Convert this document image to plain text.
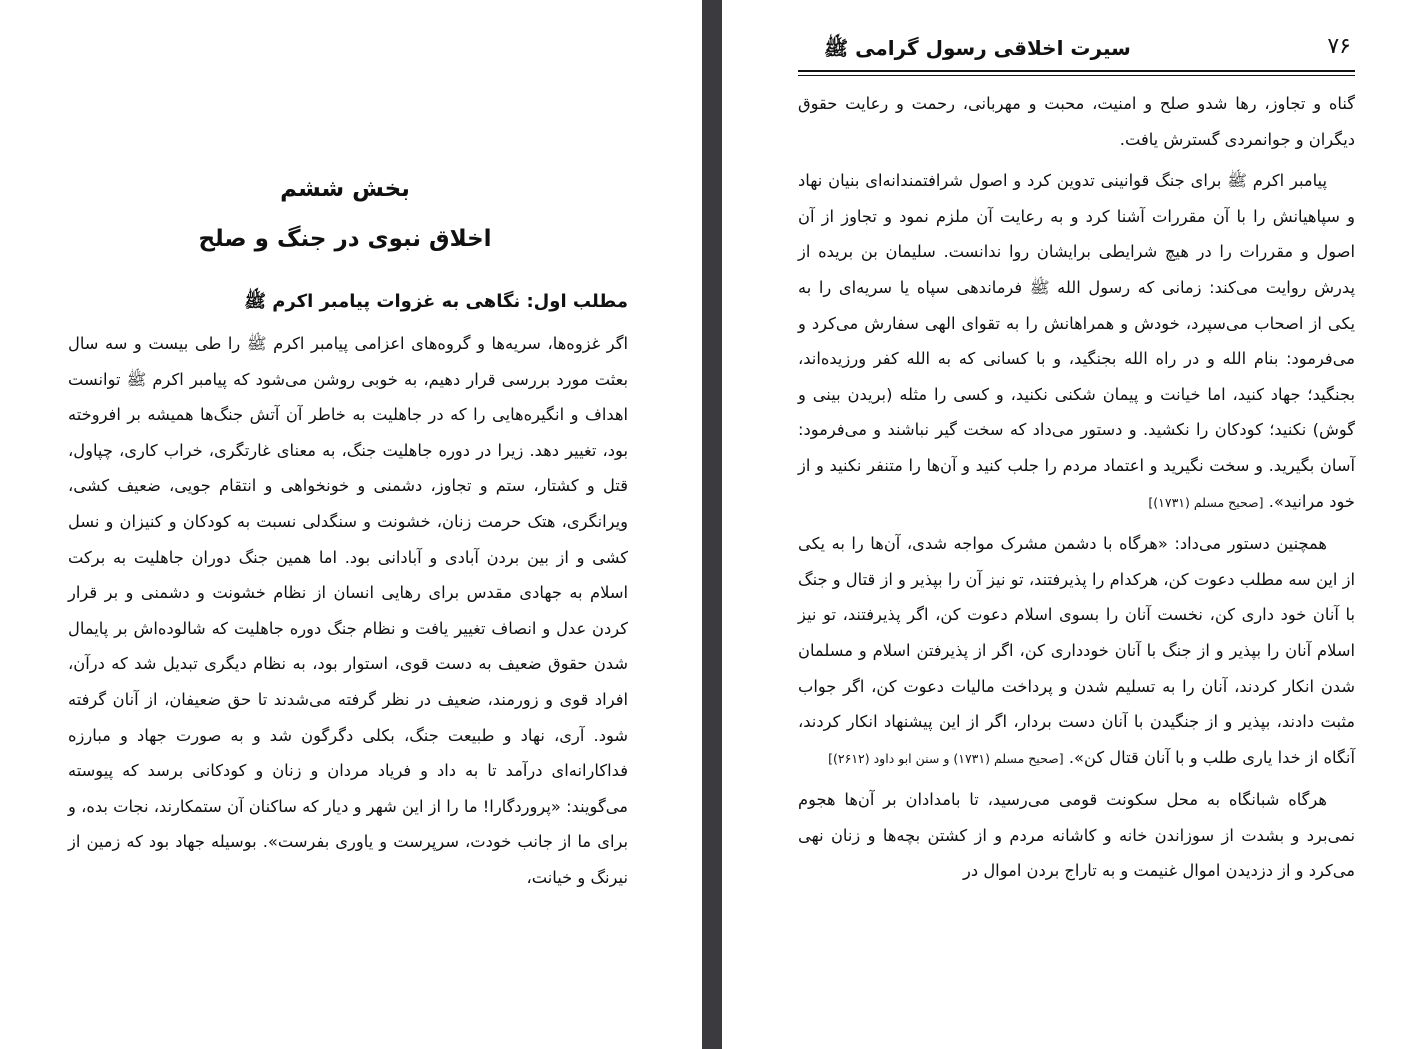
بخش ششم
اخلاق نبوی در جنگ و صلح
مطلب اول: نگاهی به غزوات پیامبر اکرم ﷺ

اگر غزوه‌ها، سریه‌ها و گروه‌های اعزامی پیامبر اکرم ﷺ را طی بیست و سه سال بعثت مورد بررسی قرار دهیم، به خوبی روشن می‌شود که پیامبر اکرم ﷺ توانست اهداف و انگیره‌هایی را که در جاهلیت به خاطر آن آتش جنگ‌ها همیشه بر افروخته بود، تغییر دهد. زیرا در دوره جاهلیت جنگ، به معنای غارتگری، خراب کاری، چپاول، قتل و کشتار، ستم و تجاوز، دشمنی و خونخواهی و انتقام جویی، ضعیف کشی، ویرانگری، هتک حرمت زنان، خشونت و سنگدلی نسبت به کودکان و کنیزان و نسل کشی و از بین بردن آبادی و آبادانی بود. اما همین جنگ دوران جاهلیت به برکت اسلام به جهادی مقدس برای رهایی انسان از نظام خشونت و دشمنی و بر قرار کردن عدل و انصاف تغییر یافت و نظام جنگ دوره جاهلیت که شالوده‌اش بر پایمال شدن حقوق ضعیف به دست قوی، استوار بود، به نظام دیگری تبدیل شد که درآن، افراد قوی و زورمند، ضعیف در نظر گرفته می‌شدند تا حق ضعیفان، از آنان گرفته شود. آری، نهاد و طبیعت جنگ، بکلی دگرگون شد و به صورت جهاد و مبارزه فداکارانه‌ای درآمد تا به داد و فریاد مردان و زنان و کودکانی برسد که پیوسته می‌گویند: «پروردگارا! ما را از این شهر و دیار که ساکنان آن ستمکارند، نجات بده، و برای ما از جانب خودت، سرپرست و یاوری بفرست». بوسیله جهاد بود که زمین از نیرنگ و خیانت،

۷۶
سیرت اخلاقی رسول گرامی ﷺ

گناه و تجاوز، رها شدو صلح و امنیت، محبت و مهربانی، رحمت و رعایت حقوق دیگران و جوانمردی گسترش یافت.

پیامبر اکرم ﷺ برای جنگ قوانینی تدوین کرد و اصول شرافتمندانه‌ای بنیان نهاد و سپاهیانش را با آن مقررات آشنا کرد و به رعایت آن ملزم نمود و تجاوز از آن اصول و مقررات را در هیچ شرایطی برایشان روا ندانست. سلیمان بن بریده از پدرش روایت می‌کند: زمانی که رسول الله ﷺ فرماندهی سپاه یا سریه‌ای را به یکی از اصحاب می‌سپرد، خودش و همراهانش را به تقوای الهی سفارش می‌کرد و می‌فرمود: بنام الله و در راه الله بجنگید، و با کسانی که به الله کفر ورزیده‌اند، بجنگید؛ جهاد کنید، اما خیانت و پیمان شکنی نکنید، و کسی را مثله (بریدن بینی و گوش) نکنید؛ کودکان را نکشید. و دستور می‌داد که سخت گیر نباشند و می‌فرمود: آسان بگیرید. و سخت نگیرید و اعتماد مردم را جلب کنید و آن‌ها را متنفر نکنید و از خود مرانید». [صحیح مسلم (۱۷۳۱)]

همچنین دستور می‌داد: «هرگاه با دشمن مشرک مواجه شدی، آن‌ها را به یکی از این سه مطلب دعوت کن، هرکدام را پذیرفتند، تو نیز آن را بپذیر و از قتال و جنگ با آنان خود داری کن، نخست آنان را بسوی اسلام دعوت کن، اگر پذیرفتند، تو نیز اسلام آنان را بپذیر و از جنگ با آنان خودداری کن، اگر از پذیرفتن اسلام و مسلمان شدن انکار کردند، آنان را به تسلیم شدن و پرداخت مالیات دعوت کن، اگر جواب مثبت دادند، بپذیر و از جنگیدن با آنان دست بردار، اگر از این پیشنهاد انکار کردند، آنگاه از خدا یاری طلب و با آنان قتال کن». [صحیح مسلم (۱۷۳۱) و سنن ابو داود (۲۶۱۲)]

هرگاه شبانگاه به محل سکونت قومی می‌رسید، تا بامدادان بر آن‌ها هجوم نمی‌برد و بشدت از سوزاندن خانه و کاشانه مردم و از کشتن بچه‌ها و زنان نهی می‌کرد و از دزدیدن اموال غنیمت و به تاراج بردن اموال در
